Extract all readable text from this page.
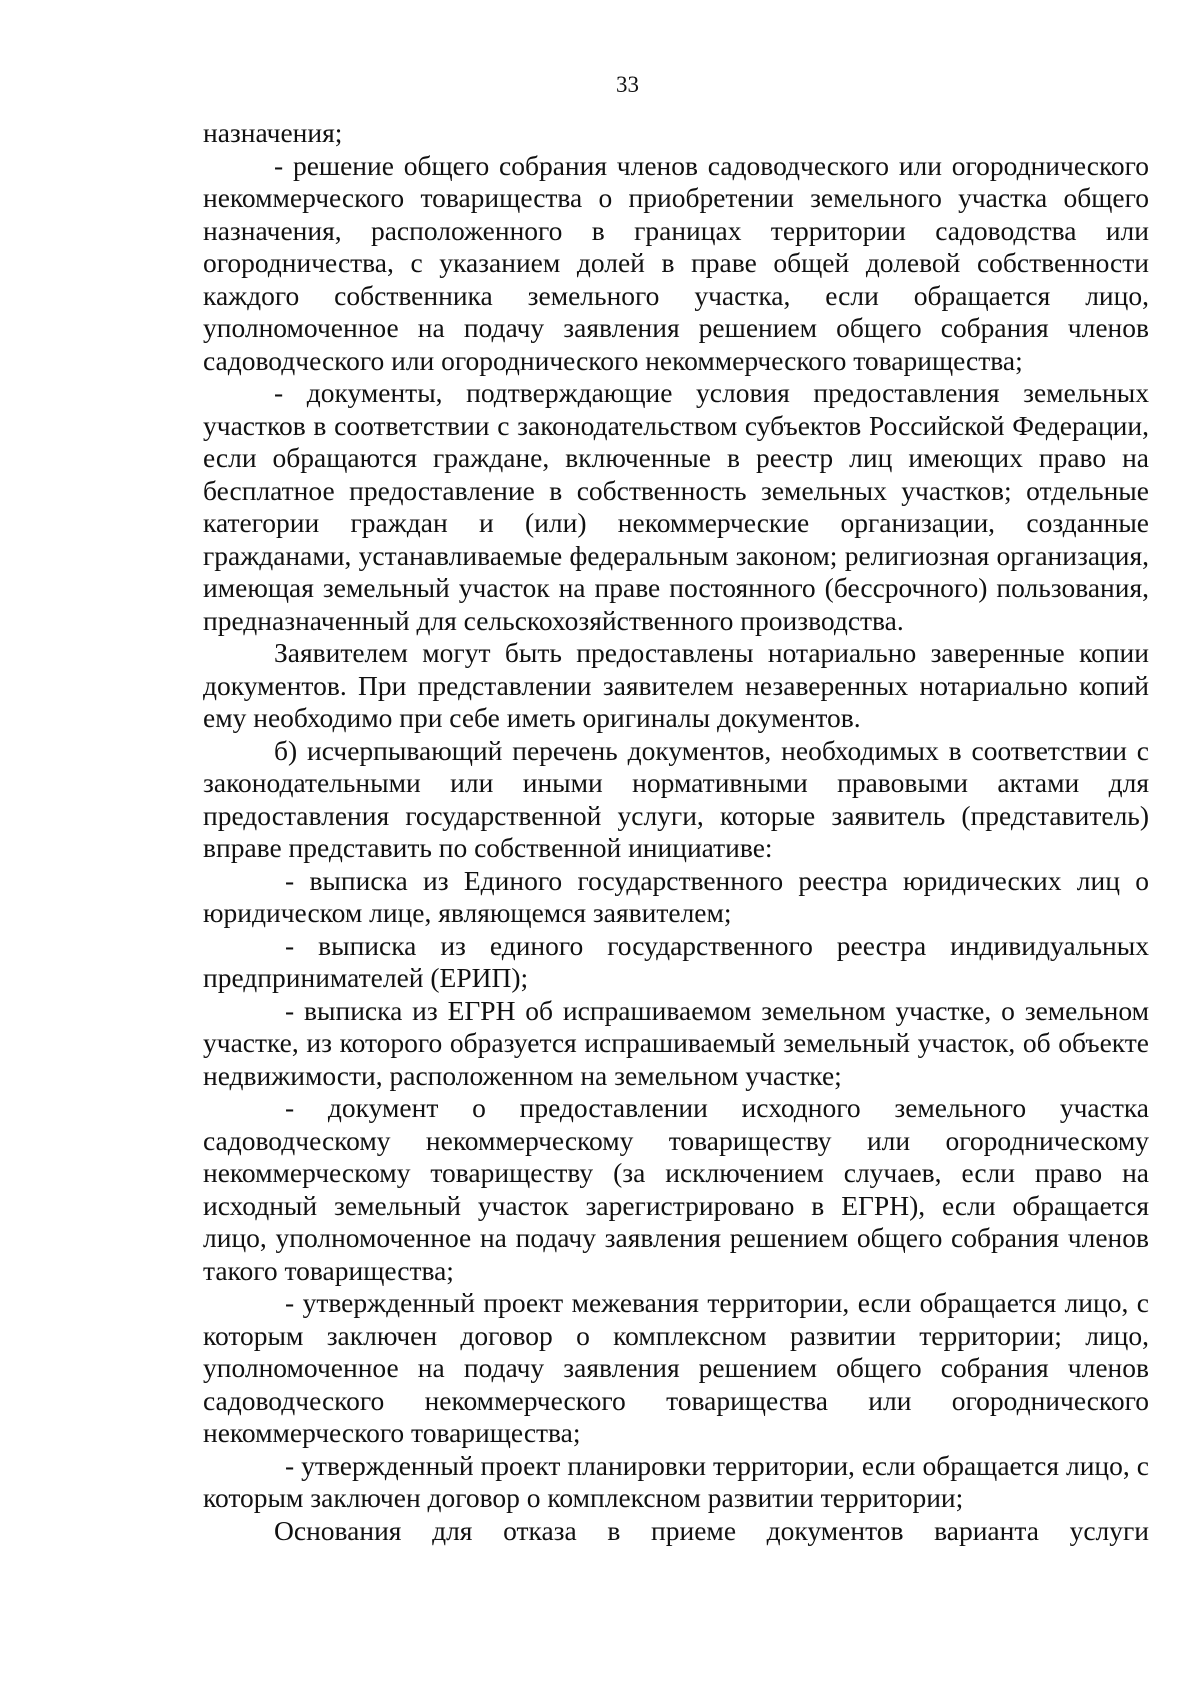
33

назначения;

- решение общего собрания членов садоводческого или огороднического некоммерческого товарищества о приобретении земельного участка общего назначения, расположенного в границах территории садоводства или огородничества, с указанием долей в праве общей долевой собственности каждого собственника земельного участка, если обращается лицо, уполномоченное на подачу заявления решением общего собрания членов садоводческого или огороднического некоммерческого товарищества;

- документы, подтверждающие условия предоставления земельных участков в соответствии с законодательством субъектов Российской Федерации, если обращаются граждане, включенные в реестр лиц имеющих право на бесплатное предоставление в собственность земельных участков; отдельные категории граждан и (или) некоммерческие организации, созданные гражданами, устанавливаемые федеральным законом; религиозная организация, имеющая земельный участок на праве постоянного (бессрочного) пользования, предназначенный для сельскохозяйственного производства.

Заявителем могут быть предоставлены нотариально заверенные копии документов. При представлении заявителем незаверенных нотариально копий ему необходимо при себе иметь оригиналы документов.

б) исчерпывающий перечень документов, необходимых в соответствии с законодательными или иными нормативными правовыми актами для предоставления государственной услуги, которые заявитель (представитель) вправе представить по собственной инициативе:

- выписка из Единого государственного реестра юридических лиц о юридическом лице, являющемся заявителем;

- выписка из единого государственного реестра индивидуальных предпринимателей (ЕРИП);

- выписка из ЕГРН об испрашиваемом земельном участке, о земельном участке, из которого образуется испрашиваемый земельный участок, об объекте недвижимости, расположенном на земельном участке;

- документ о предоставлении исходного земельного участка садоводческому некоммерческому товариществу или огородническому некоммерческому товариществу (за исключением случаев, если право на исходный земельный участок зарегистрировано в ЕГРН), если обращается лицо, уполномоченное на подачу заявления решением общего собрания членов такого товарищества;

- утвержденный проект межевания территории, если обращается лицо, с которым заключен договор о комплексном развитии территории; лицо, уполномоченное на подачу заявления решением общего собрания членов садоводческого некоммерческого товарищества или огороднического некоммерческого товарищества;

- утвержденный проект планировки территории, если обращается лицо, с которым заключен договор о комплексном развитии территории;

Основания для отказа в приеме документов варианта услуги
